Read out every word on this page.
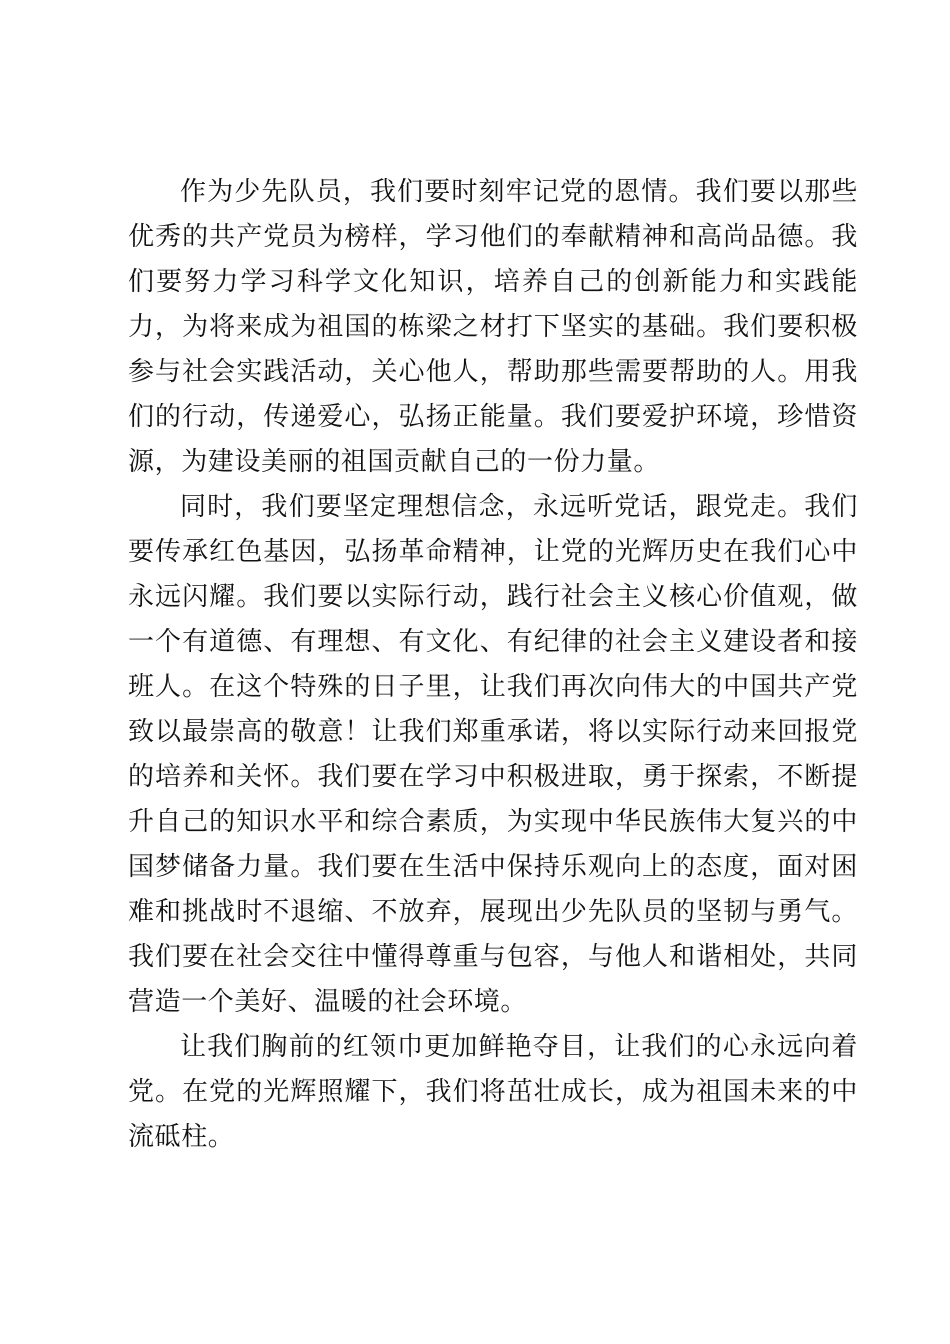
作为少先队员，我们要时刻牢记党的恩情。我们要以那些优秀的共产党员为榜样，学习他们的奉献精神和高尚品德。我们要努力学习科学文化知识，培养自己的创新能力和实践能力，为将来成为祖国的栋梁之材打下坚实的基础。我们要积极参与社会实践活动，关心他人，帮助那些需要帮助的人。用我们的行动，传递爱心，弘扬正能量。我们要爱护环境，珍惜资源，为建设美丽的祖国贡献自己的一份力量。

同时，我们要坚定理想信念，永远听党话，跟党走。我们要传承红色基因，弘扬革命精神，让党的光辉历史在我们心中永远闪耀。我们要以实际行动，践行社会主义核心价值观，做一个有道德、有理想、有文化、有纪律的社会主义建设者和接班人。在这个特殊的日子里，让我们再次向伟大的中国共产党致以最崇高的敬意！让我们郑重承诺，将以实际行动来回报党的培养和关怀。我们要在学习中积极进取，勇于探索，不断提升自己的知识水平和综合素质，为实现中华民族伟大复兴的中国梦储备力量。我们要在生活中保持乐观向上的态度，面对困难和挑战时不退缩、不放弃，展现出少先队员的坚韧与勇气。我们要在社会交往中懂得尊重与包容，与他人和谐相处，共同营造一个美好、温暖的社会环境。

让我们胸前的红领巾更加鲜艳夺目，让我们的心永远向着党。在党的光辉照耀下，我们将茁壮成长，成为祖国未来的中流砥柱。
